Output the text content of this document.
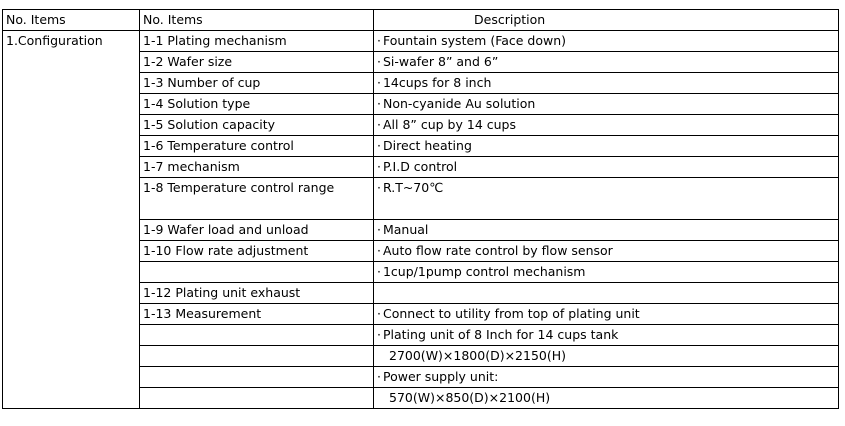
No. Items	No. Items	Description
1.Configuration	1-1 Plating mechanism	· Fountain system (Face down)
	1-2 Wafer size	· Si-wafer 8” and 6”
	1-3 Number of cup	· 14cups for 8 inch
	1-4 Solution type	· Non-cyanide Au solution
	1-5 Solution capacity	· All 8” cup by 14 cups
	1-6 Temperature control	· Direct heating
	1-7 mechanism	· P.I.D control
	1-8 Temperature control range	· R.T~70℃
	1-9 Wafer load and unload	· Manual
	1-10 Flow rate adjustment	· Auto flow rate control by flow sensor
		· 1cup/1pump control mechanism
	1-12 Plating unit exhaust	
	1-13 Measurement	· Connect to utility from top of plating unit
		· Plating unit of 8 Inch for 14 cups tank
		2700(W)×1800(D)×2150(H)
		· Power supply unit:
		570(W)×850(D)×2100(H)
